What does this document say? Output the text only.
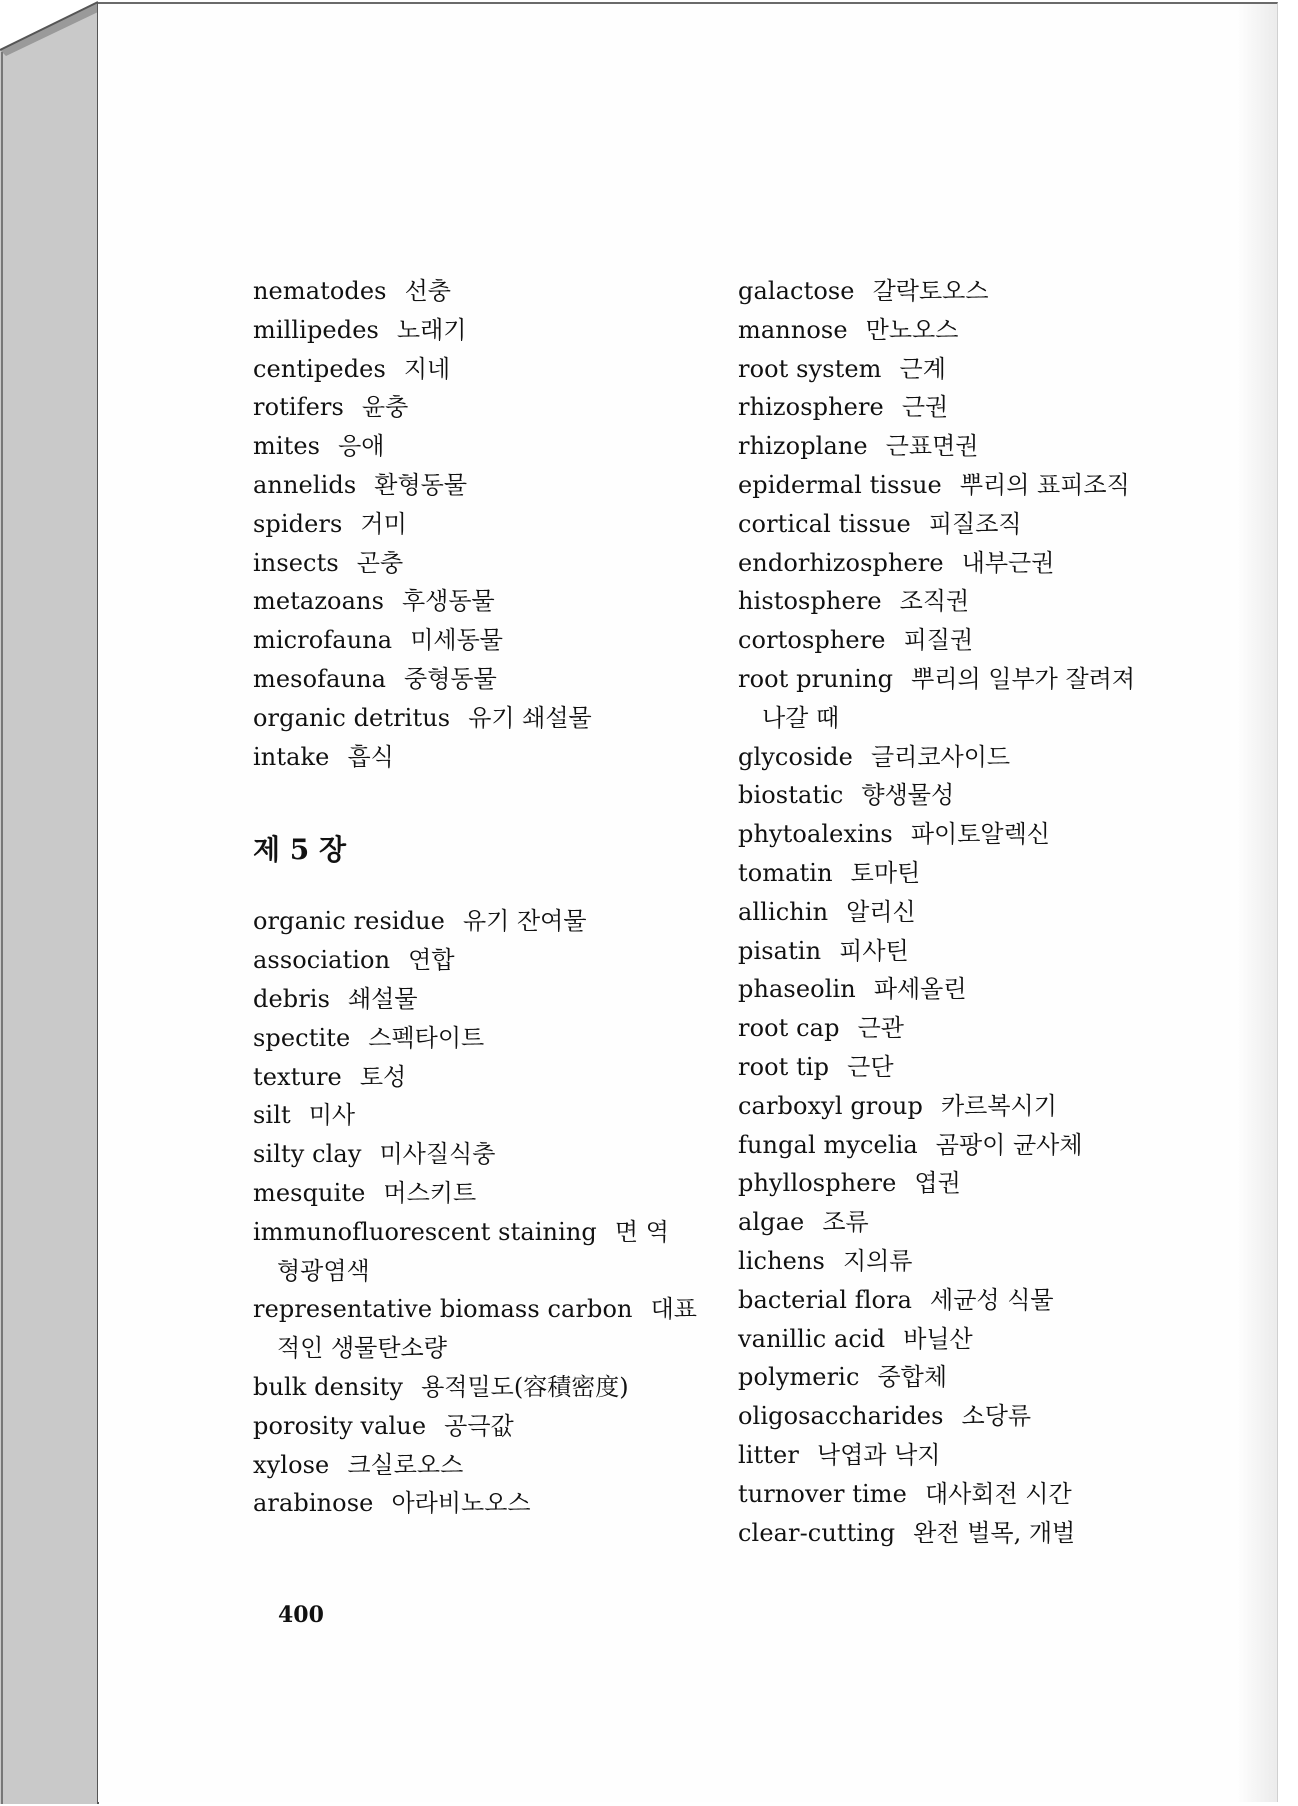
nematodes 선충
millipedes 노래기
centipedes 지네
rotifers 윤충
mites 응애
annelids 환형동물
spiders 거미
insects 곤충
metazoans 후생동물
microfauna 미세동물
mesofauna 중형동물
organic detritus 유기 쇄설물
intake 흡식
제 5 장
organic residue 유기 잔여물
association 연합
debris 쇄설물
spectite 스펙타이트
texture 토성
silt 미사
silty clay 미사질식충
mesquite 머스키트
immunofluorescent staining 면 역
형광염색
representative biomass carbon 대표
적인 생물탄소량
bulk density 용적밀도(容積密度)
porosity value 공극값
xylose 크실로오스
arabinose 아라비노오스
galactose 갈락토오스
mannose 만노오스
root system 근계
rhizosphere 근권
rhizoplane 근표면권
epidermal tissue 뿌리의 표피조직
cortical tissue 피질조직
endorhizosphere 내부근권
histosphere 조직권
cortosphere 피질권
root pruning 뿌리의 일부가 잘려져
나갈 때
glycoside 글리코사이드
biostatic 향생물성
phytoalexins 파이토알렉신
tomatin 토마틴
allichin 알리신
pisatin 피사틴
phaseolin 파세올린
root cap 근관
root tip 근단
carboxyl group 카르복시기
fungal mycelia 곰팡이 균사체
phyllosphere 엽권
algae 조류
lichens 지의류
bacterial flora 세균성 식물
vanillic acid 바닐산
polymeric 중합체
oligosaccharides 소당류
litter 낙엽과 낙지
turnover time 대사회전 시간
clear-cutting 완전 벌목, 개벌
400
